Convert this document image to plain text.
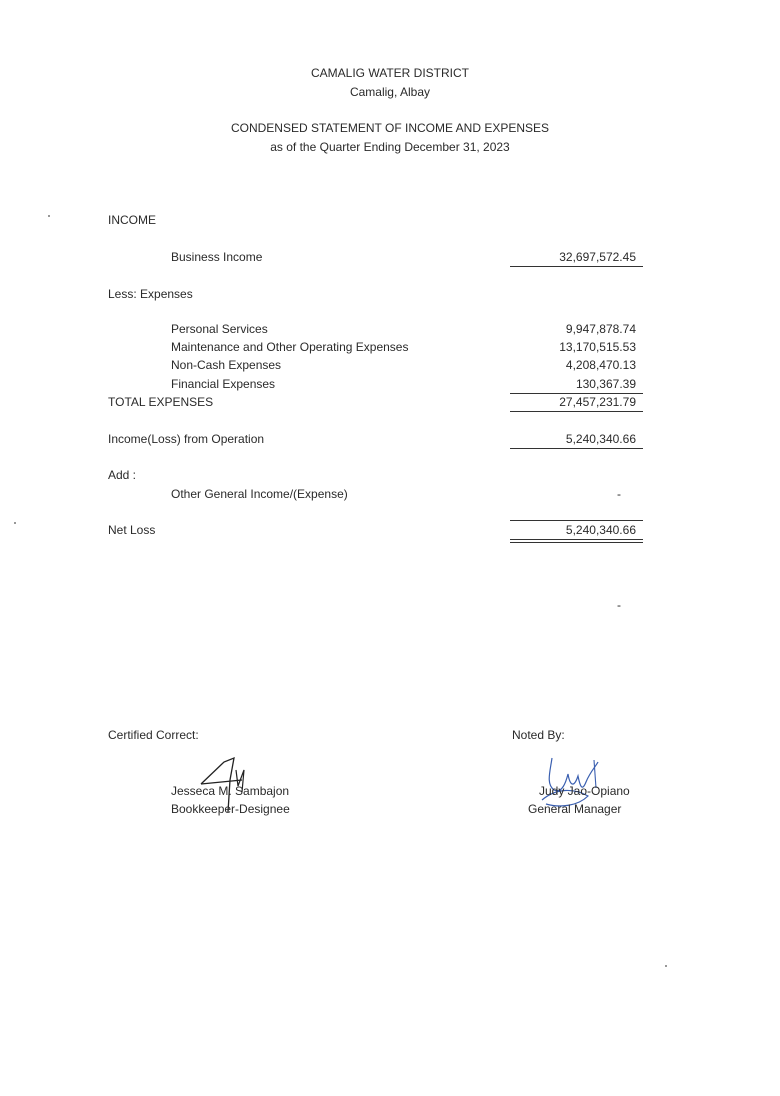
CAMALIG WATER DISTRICT
Camalig, Albay
CONDENSED STATEMENT OF INCOME AND EXPENSES
as of the Quarter Ending December 31, 2023
INCOME
Business Income	32,697,572.45
Less: Expenses
Personal Services	9,947,878.74
Maintenance and Other Operating Expenses	13,170,515.53
Non-Cash Expenses	4,208,470.13
Financial Expenses	130,367.39
TOTAL EXPENSES	27,457,231.79
Income(Loss) from Operation	5,240,340.66
Add :
Other General Income/(Expense)	-
Net Loss	5,240,340.66
-
Certified Correct:
Jesseca M. Sambajon
Bookkeeper-Designee
Noted By:
Judy Jao-Opiano
General Manager
